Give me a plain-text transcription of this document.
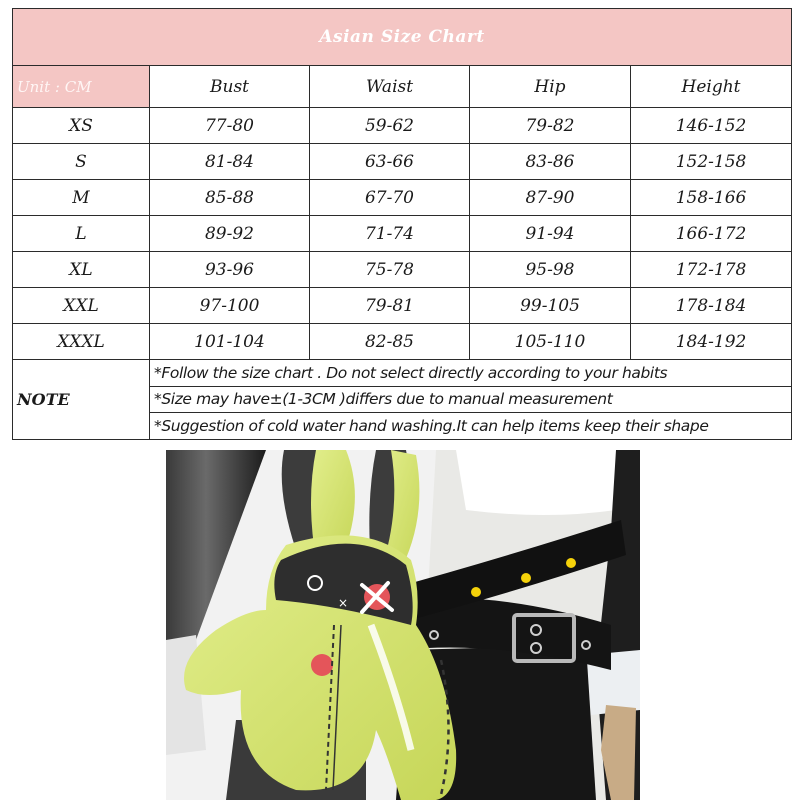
Asian Size Chart				
Unit : CM	Bust	Waist	Hip	Height
XS	77-80	59-62	79-82	146-152
S	81-84	63-66	83-86	152-158
M	85-88	67-70	87-90	158-166
L	89-92	71-74	91-94	166-172
XL	93-96	75-78	95-98	172-178
XXL	97-100	79-81	99-105	178-184
XXXL	101-104	82-85	105-110	184-192
NOTE	*Follow the size chart . Do not select directly according to your habits			
	*Size may have±(1-3CM )differs due to manual measurement			
	*Suggestion of cold water hand washing.It can help items keep their shape			
×
